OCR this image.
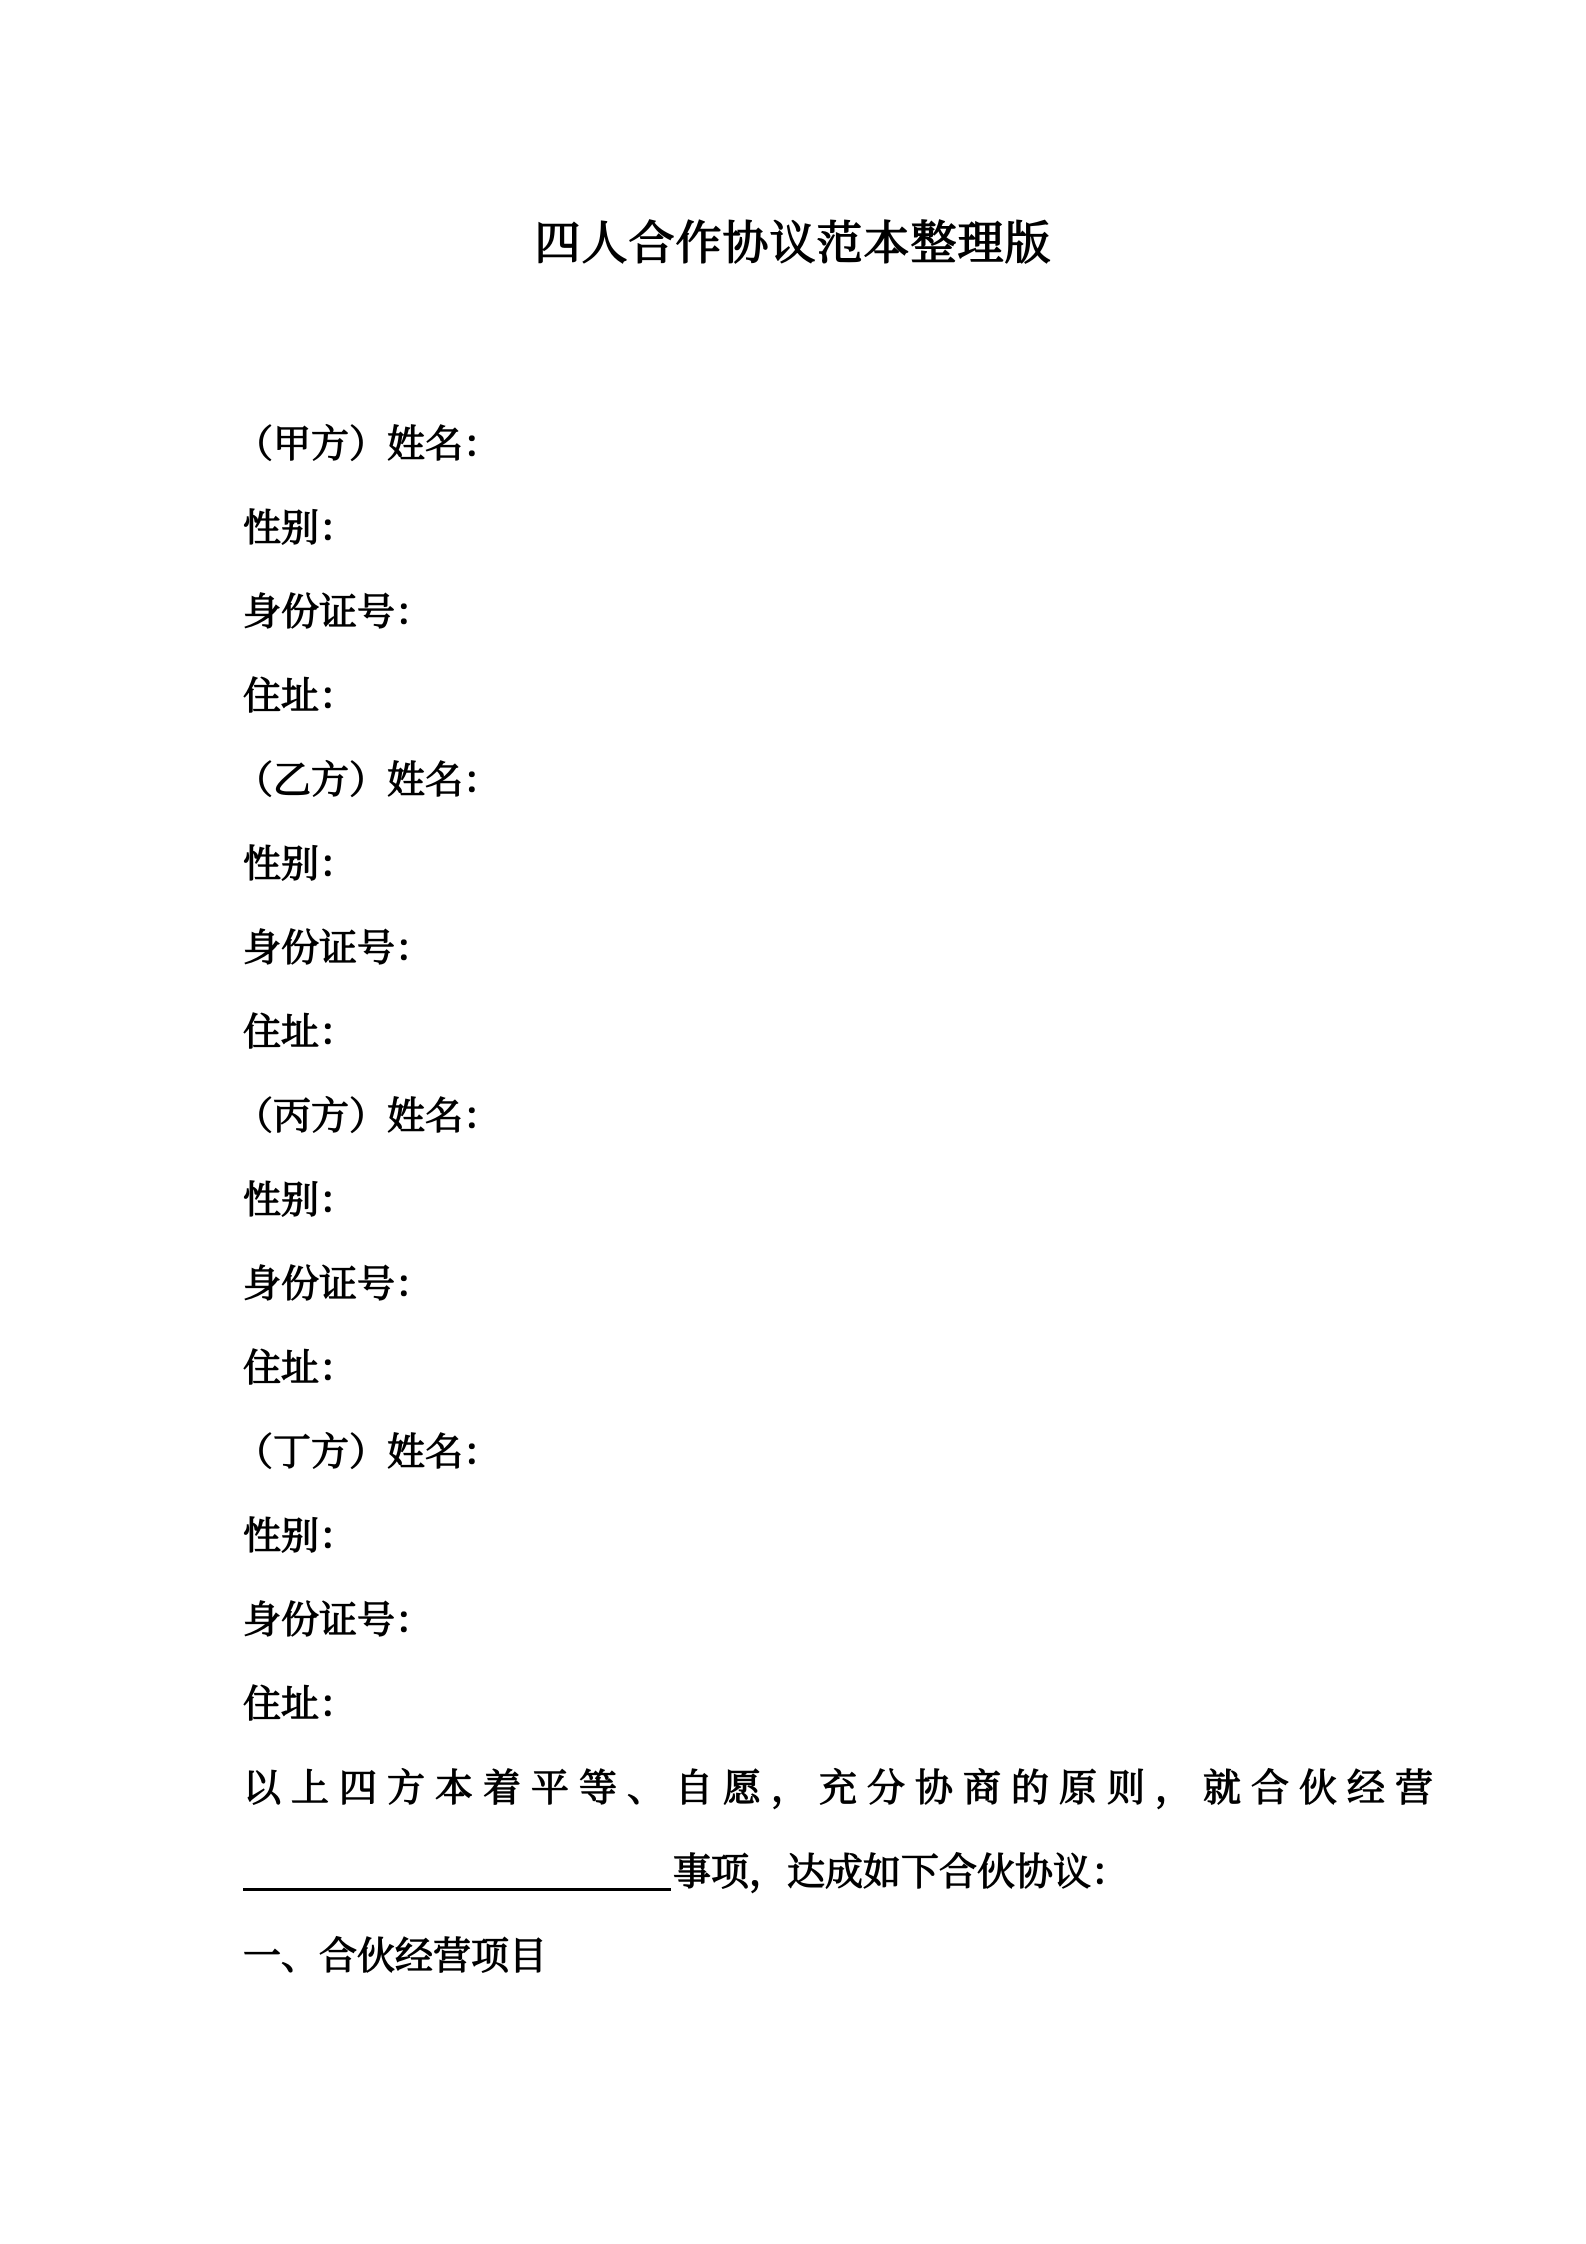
四人合作协议范本整理版
（甲方）姓名：
性别：
身份证号：
住址：
（乙方）姓名：
性别：
身份证号：
住址：
（丙方）姓名：
性别：
身份证号：
住址：
（丁方）姓名：
性别：
身份证号：
住址：
以上四方本着平等、自愿，充分协商的原则，就合伙经营
事项，达成如下合伙协议：
一、合伙经营项目
